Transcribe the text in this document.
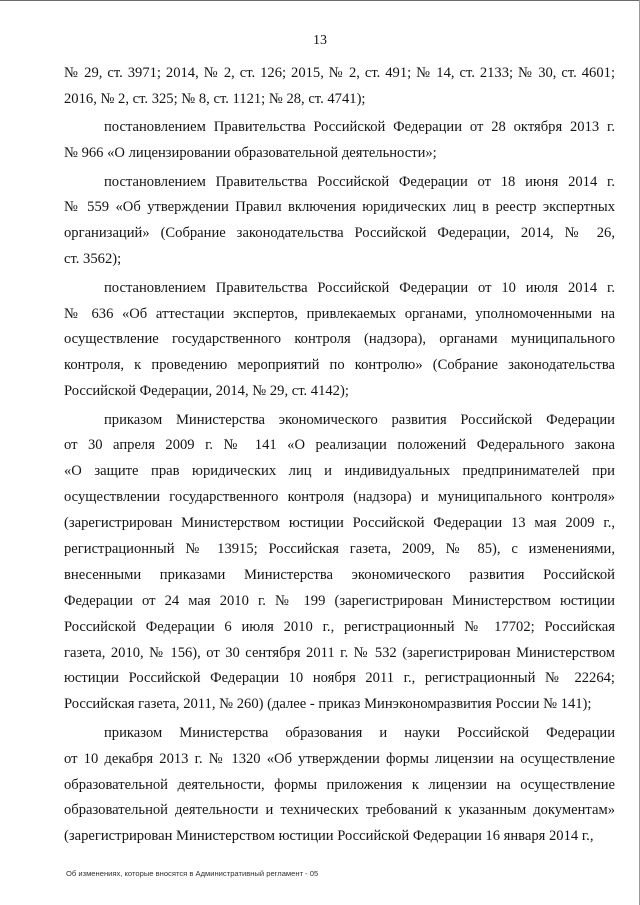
13
№ 29, ст. 3971; 2014, № 2, ст. 126; 2015, № 2, ст. 491; № 14, ст. 2133; № 30, ст. 4601;
2016, № 2, ст. 325; № 8, ст. 1121; № 28, ст. 4741);
постановлением Правительства Российской Федерации от 28 октября 2013 г.
№ 966 «О лицензировании образовательной деятельности»;
постановлением Правительства Российской Федерации от 18 июня 2014 г.
№ 559 «Об утверждении Правил включения юридических лиц в реестр экспертных
организаций» (Собрание законодательства Российской Федерации, 2014, № 26,
ст. 3562);
постановлением Правительства Российской Федерации от 10 июля 2014 г.
№ 636 «Об аттестации экспертов, привлекаемых органами, уполномоченными на
осуществление государственного контроля (надзора), органами муниципального
контроля, к проведению мероприятий по контролю» (Собрание законодательства
Российской Федерации, 2014, № 29, ст. 4142);
приказом Министерства экономического развития Российской Федерации
от 30 апреля 2009 г. № 141 «О реализации положений Федерального закона
«О защите прав юридических лиц и индивидуальных предпринимателей при
осуществлении государственного контроля (надзора) и муниципального контроля»
(зарегистрирован Министерством юстиции Российской Федерации 13 мая 2009 г.,
регистрационный № 13915; Российская газета, 2009, № 85), с изменениями,
внесенными приказами Министерства экономического развития Российской
Федерации от 24 мая 2010 г. № 199 (зарегистрирован Министерством юстиции
Российской Федерации 6 июля 2010 г., регистрационный № 17702; Российская
газета, 2010, № 156), от 30 сентября 2011 г. № 532 (зарегистрирован Министерством
юстиции Российской Федерации 10 ноября 2011 г., регистрационный № 22264;
Российская газета, 2011, № 260) (далее - приказ Минэкономразвития России № 141);
приказом Министерства образования и науки Российской Федерации
от 10 декабря 2013 г. № 1320 «Об утверждении формы лицензии на осуществление
образовательной деятельности, формы приложения к лицензии на осуществление
образовательной деятельности и технических требований к указанным документам»
(зарегистрирован Министерством юстиции Российской Федерации 16 января 2014 г.,
Об изменениях, которые вносятся в Административный регламент - 05
